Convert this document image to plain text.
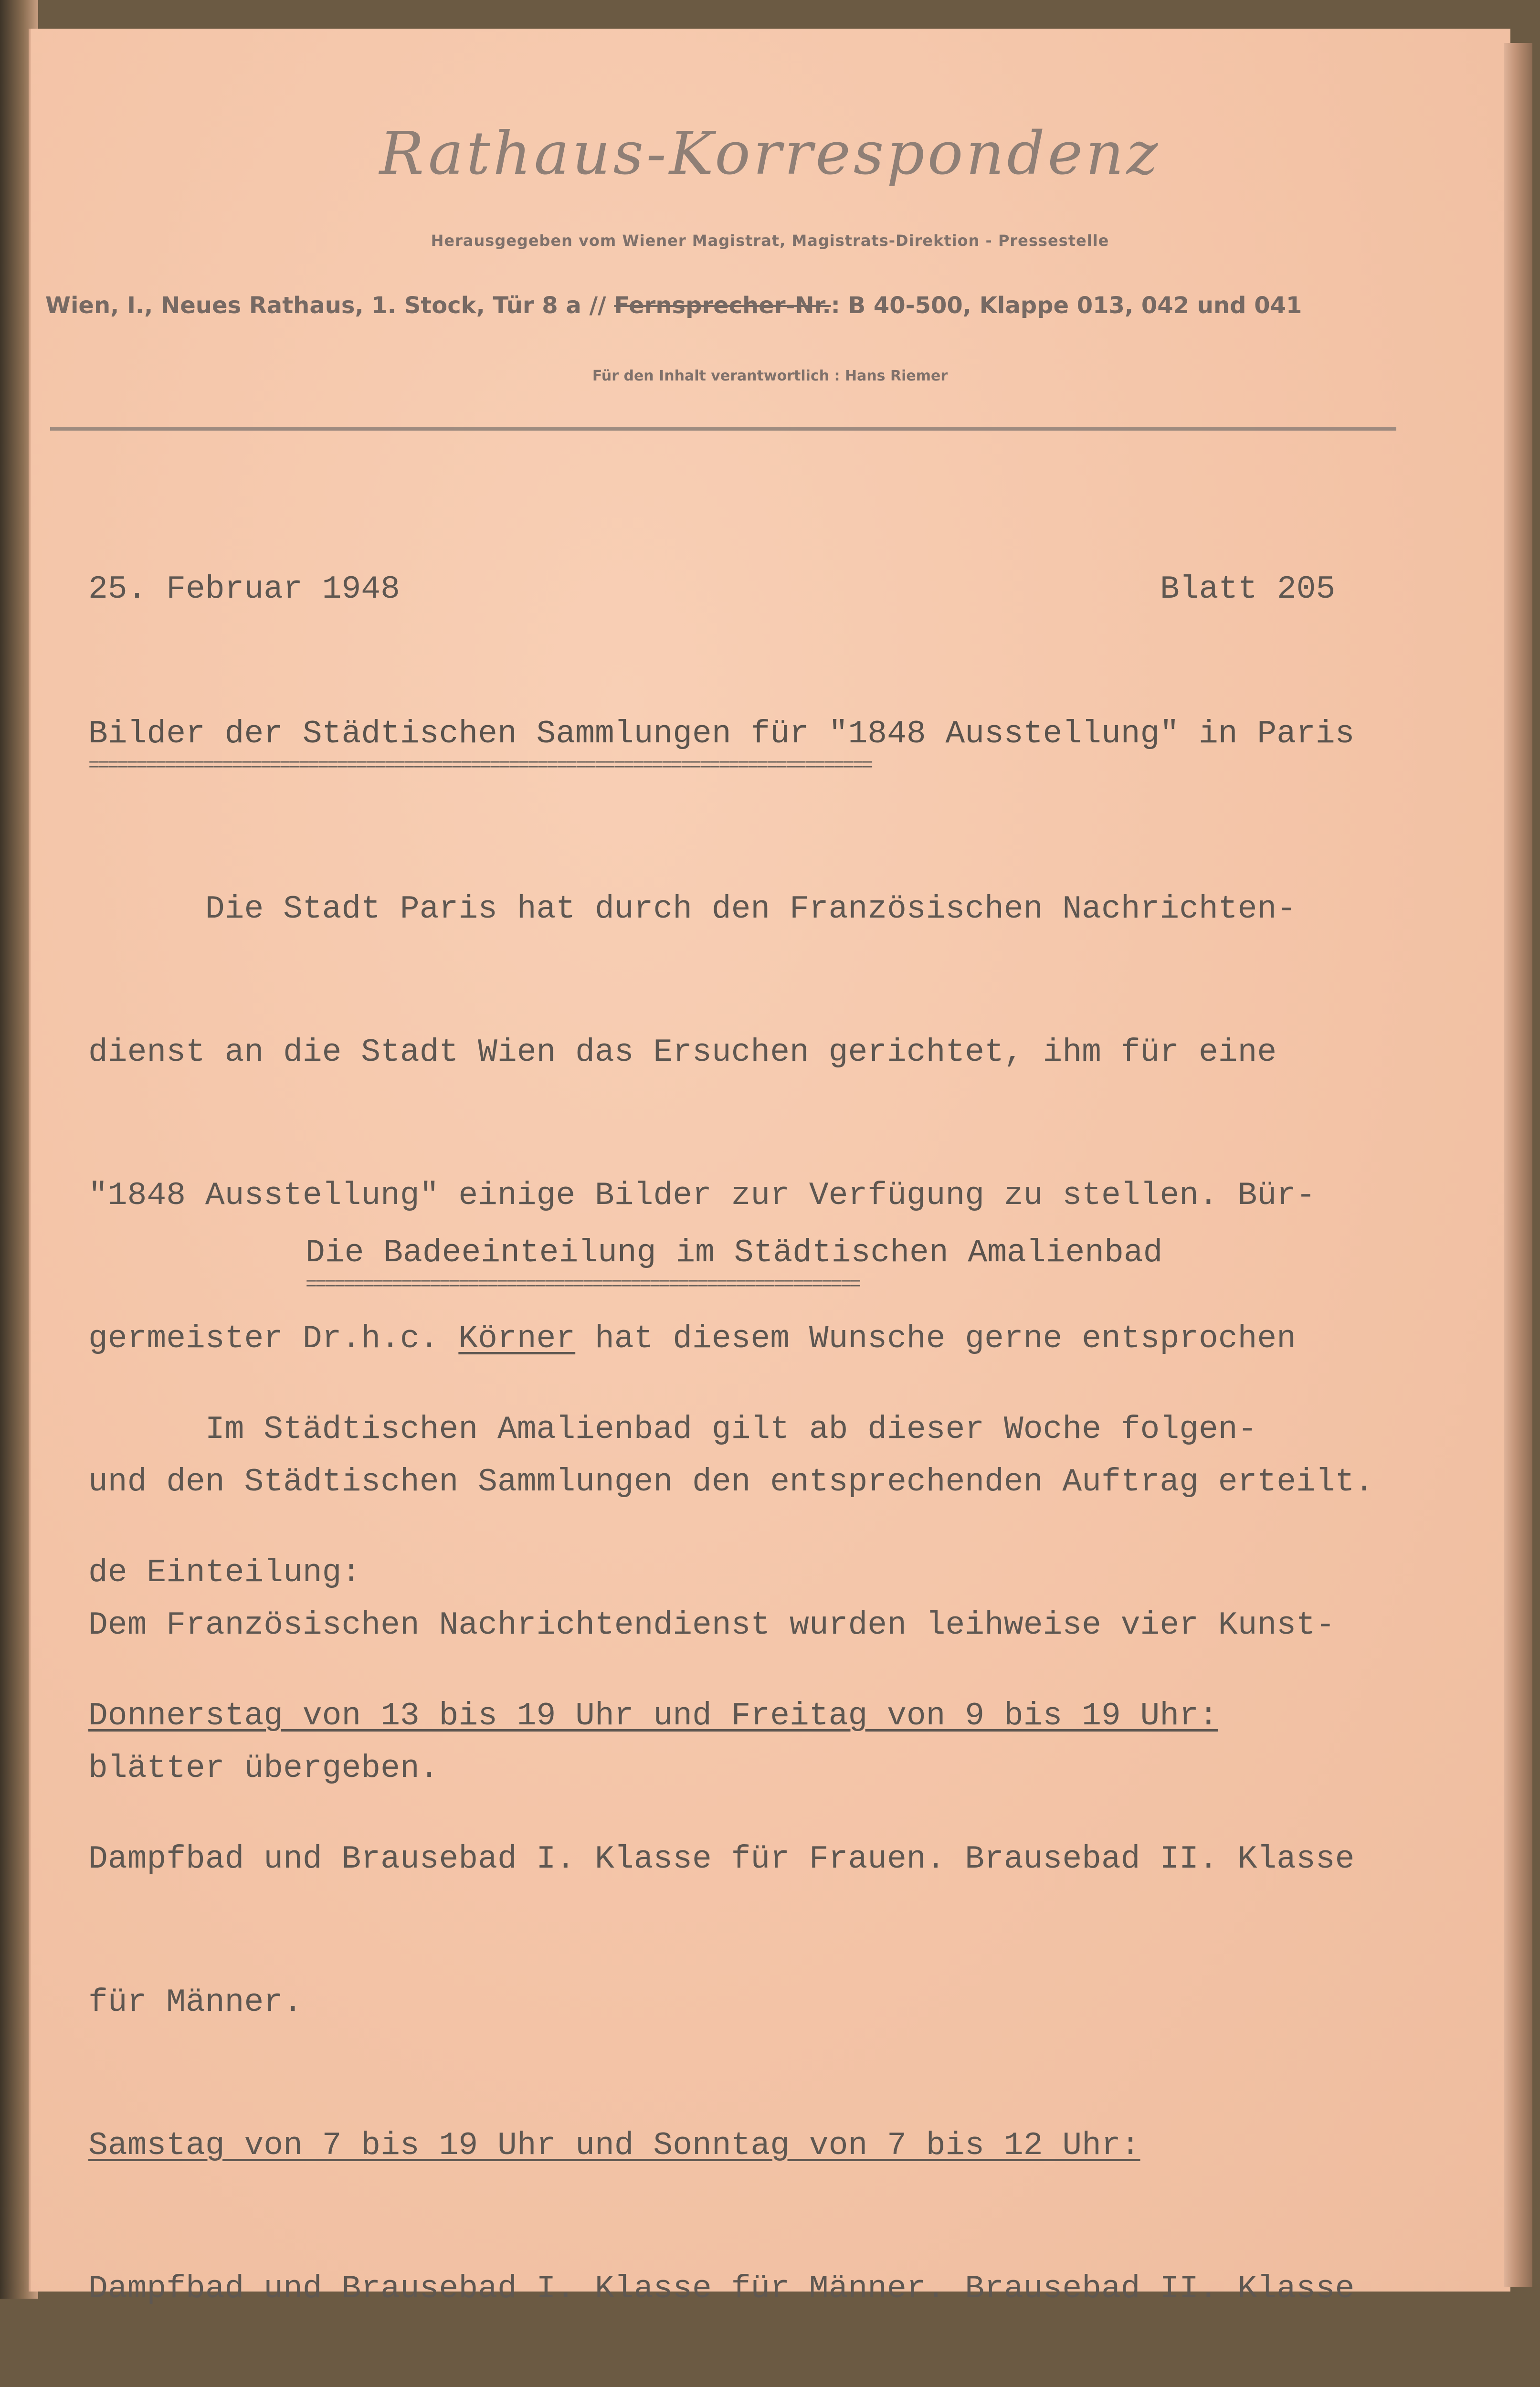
Rathaus-Korrespondenz
Herausgegeben vom Wiener Magistrat, Magistrats-Direktion - Pressestelle
Wien, I., Neues Rathaus, 1. Stock, Tür 8 a // Fernsprecher-Nr.: B 40-500, Klappe 013, 042 und 041
Für den Inhalt verantwortlich : Hans Riemer
25. Februar 1948	Blatt 205
Bilder der Städtischen Sammlungen für "1848 Ausstellung" in Paris
==================================================================================

Die Stadt Paris hat durch den Französischen Nachrichten-

dienst an die Stadt Wien das Ersuchen gerichtet, ihm für eine

"1848 Ausstellung" einige Bilder zur Verfügung zu stellen. Bür-

germeister Dr.h.c. Körner hat diesem Wunsche gerne entsprochen

und den Städtischen Sammlungen den entsprechenden Auftrag erteilt.

Dem Französischen Nachrichtendienst wurden leihweise vier Kunst-

blätter übergeben.

Die Badeeinteilung im Städtischen Amalienbad
==========================================================

Im Städtischen Amalienbad gilt ab dieser Woche folgen-

de Einteilung:

Donnerstag von 13 bis 19 Uhr und Freitag von 9 bis 19 Uhr:

Dampfbad und Brausebad I. Klasse für Frauen. Brausebad II. Klasse

für Männer.

Samstag von 7 bis 19 Uhr und Sonntag von 7 bis 12 Uhr:

Dampfbad und Brausebad I. Klasse für Männer. Brausebad II. Klasse
